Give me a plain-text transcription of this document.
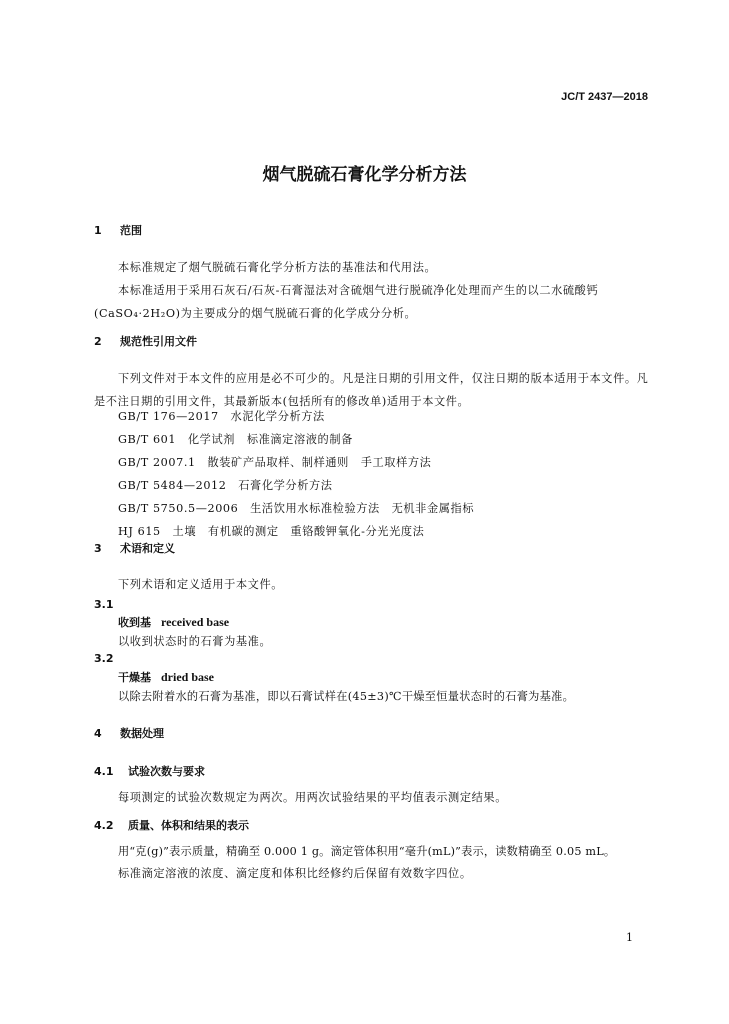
JC/T 2437—2018
烟气脱硫石膏化学分析方法
1 范围
本标准规定了烟气脱硫石膏化学分析方法的基准法和代用法。
本标准适用于采用石灰石/石灰-石膏湿法对含硫烟气进行脱硫净化处理而产生的以二水硫酸钙(CaSO₄·2H₂O)为主要成分的烟气脱硫石膏的化学成分分析。
2 规范性引用文件
下列文件对于本文件的应用是必不可少的。凡是注日期的引用文件，仅注日期的版本适用于本文件。凡是不注日期的引用文件，其最新版本(包括所有的修改单)适用于本文件。
GB/T 176—2017　水泥化学分析方法
GB/T 601　化学试剂　标准滴定溶液的制备
GB/T 2007.1　散装矿产品取样、制样通则　手工取样方法
GB/T 5484—2012　石膏化学分析方法
GB/T 5750.5—2006　生活饮用水标准检验方法　无机非金属指标
HJ 615　土壤　有机碳的测定　重铬酸钾氧化-分光光度法
3 术语和定义
下列术语和定义适用于本文件。
3.1
收到基 received base
以收到状态时的石膏为基准。
3.2
干燥基 dried base
以除去附着水的石膏为基准，即以石膏试样在(45±3)℃干燥至恒量状态时的石膏为基准。
4 数据处理
4.1 试验次数与要求
每项测定的试验次数规定为两次。用两次试验结果的平均值表示测定结果。
4.2 质量、体积和结果的表示
用“克(g)”表示质量，精确至 0.000 1 g。滴定管体积用“毫升(mL)”表示，读数精确至 0.05 mL。
标准滴定溶液的浓度、滴定度和体积比经修约后保留有效数字四位。
1
